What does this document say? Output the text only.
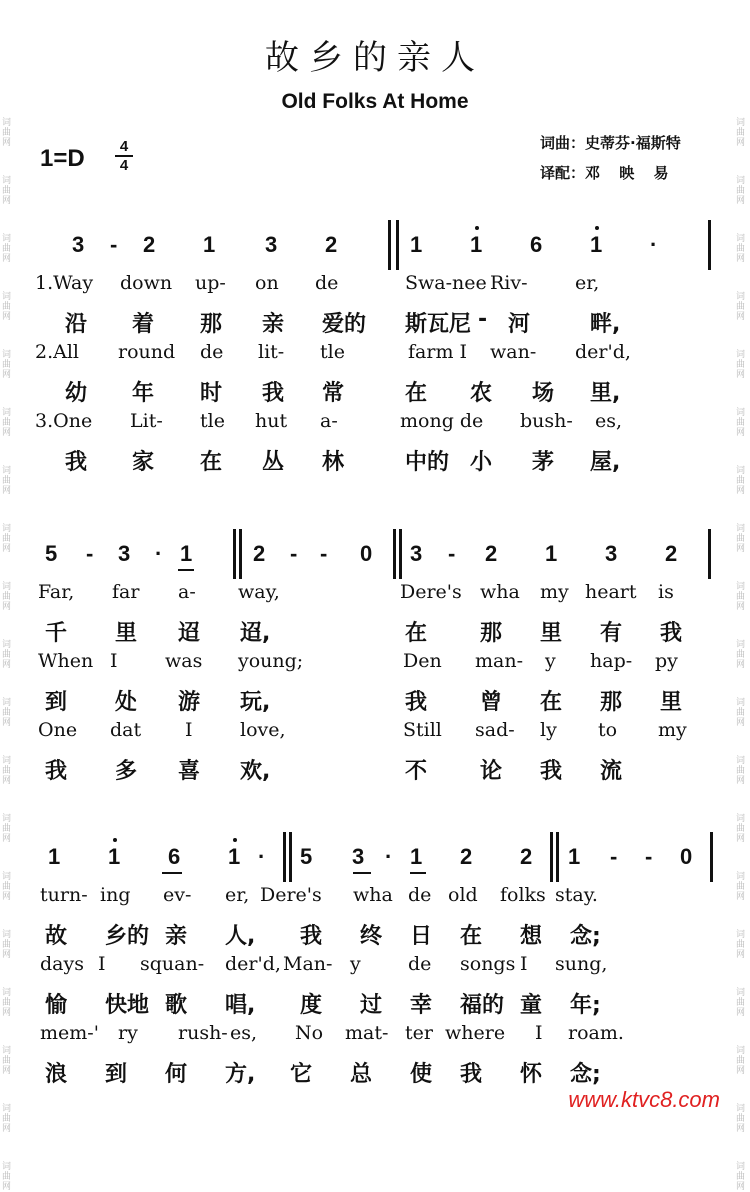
词
曲
网
词
曲
网
词
曲
网
词
曲
网
词
曲
网
词
曲
网
词
曲
网
词
曲
网
词
曲
网
词
曲
网
词
曲
网
词
曲
网
词
曲
网
词
曲
网
词
曲
网
词
曲
网
词
曲
网
词
曲
网
词
曲
网
词
曲
网
词
曲
网
词
曲
网
词
曲
网
词
曲
网
词
曲
网
词
曲
网
词
曲
网
词
曲
网
词
曲
网
词
曲
网
词
曲
网
词
曲
网
词
曲
网
词
曲
网
词
曲
网
词
曲
网
词
曲
网
词
曲
网
故乡的亲人
Old Folks At Home
$1=D \frac{4}{4}$	词曲：史蒂芬·福斯特
译配：邓 映 易
3 - 2 1 3 2	1 1 6 1 ·
1.Way down up- on de	Swa-nee Riv- er,
沿 着 那 亲 爱的 斯瓦尼 - 河	畔,
2.All round de lit- tle	farm I wan- der'd,
幼 年 时 我 常	在 农 场 里,
3.One Lit- tle hut a-	mong de bush- es,
我 家 在 丛 林	中的 小 茅 屋,
5 - 3 · 1	2 - - 0 3 - 2 1 3 2
Far, far a- way,	Dere's wha my heart is
千 里 迢 迢,	在 那 里 有 我
When I was young;	Den man- y hap- py
到 处 游 玩,	我 曾 在 那 里
One dat I love,	Still sad- ly to my
我 多 喜 欢,	不 论 我 流
1 1 6 1 · 5 3 · 1 2 2 1 - - 0
turn- ing ev- er, Dere's wha de old folks stay.
故 乡的 亲 人, 我 终 日 在 想 念;
days I squan- der'd, Man- y de songs I sung,
愉 快地 歌 唱, 度 过 幸 福的 童 年;
mem-' ry rush- es, No mat- ter where I roam.
浪 到 何 方, 它 总 使 我 怀 念;
www.ktvc8.com
